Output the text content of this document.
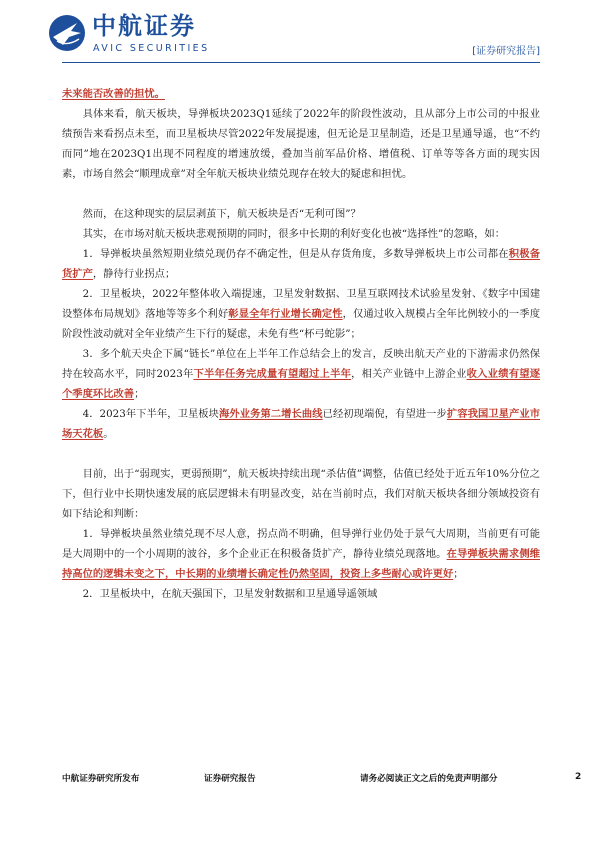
中航证券
AVIC SECURITIES	[证券研究报告]

未来能否改善的担忧。

具体来看，航天板块，导弹板块2023Q1延续了2022年的阶段性波动，且从部分上市公司的中报业绩预告来看拐点未至，而卫星板块尽管2022年发展提速，但无论是卫星制造，还是卫星通导遥，也“不约而同”地在2023Q1出现不同程度的增速放缓，叠加当前军品价格、增值税、订单等等各方面的现实因素，市场自然会“顺理成章”对全年航天板块业绩兑现存在较大的疑虑和担忧。

然而，在这种现实的层层剥茧下，航天板块是否“无利可图”？

其实，在市场对航天板块悲观预期的同时，很多中长期的利好变化也被“选择性”的忽略，如：

1．导弹板块虽然短期业绩兑现仍存不确定性，但是从存货角度，多数导弹板块上市公司都在积极备货扩产，静待行业拐点；

2．卫星板块，2022年整体收入端提速，卫星发射数据、卫星互联网技术试验星发射、《数字中国建设整体布局规划》落地等等多个利好彰显全年行业增长确定性，仅通过收入规模占全年比例较小的一季度阶段性波动就对全年业绩产生下行的疑虑，未免有些“杯弓蛇影”；

3．多个航天央企下属“链长”单位在上半年工作总结会上的发言，反映出航天产业的下游需求仍然保持在较高水平，同时2023年下半年任务完成量有望超过上半年，相关产业链中上游企业收入业绩有望逐个季度环比改善；

4．2023年下半年，卫星板块海外业务第二增长曲线已经初现端倪，有望进一步扩容我国卫星产业市场天花板。

目前，出于“弱现实，更弱预期”，航天板块持续出现“杀估值”调整，估值已经处于近五年10%分位之下，但行业中长期快速发展的底层逻辑未有明显改变，站在当前时点，我们对航天板块各细分领域投资有如下结论和判断：

1．导弹板块虽然业绩兑现不尽人意，拐点尚不明确，但导弹行业仍处于景气大周期，当前更有可能是大周期中的一个小周期的波谷，多个企业正在积极备货扩产，静待业绩兑现落地。在导弹板块需求侧维持高位的逻辑未变之下，中长期的业绩增长确定性仍然坚固，投资上多些耐心或许更好；

2．卫星板块中，在航天强国下，卫星发射数据和卫星通导遥领域

中航证券研究所发布	证券研究报告	请务必阅读正文之后的免责声明部分	2
